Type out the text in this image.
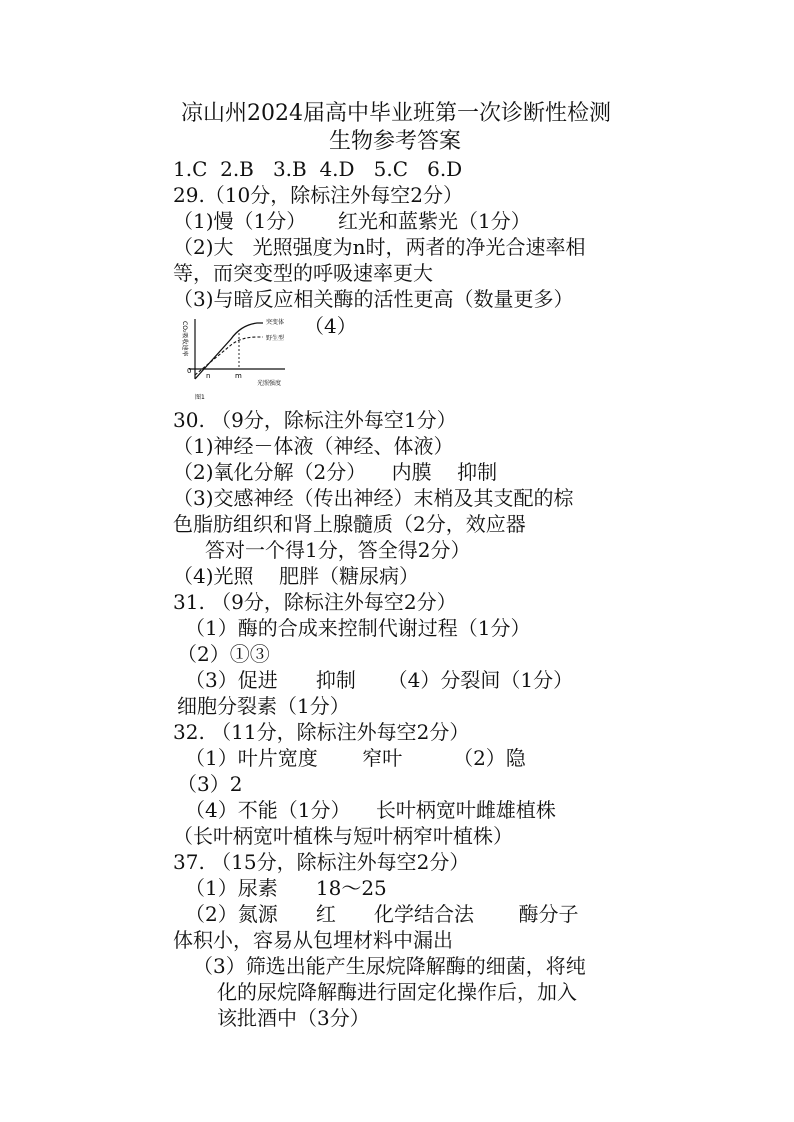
凉山州2024届高中毕业班第一次诊断性检测
生物参考答案
1.C  2.B   3.B  4.D   5.C   6.D
29.（10分，除标注外每空2分）
（1)慢（1分）     红光和蓝紫光（1分）
（2)大   光照强度为n时，两者的净光合速率相
等，而突变型的呼吸速率更大
（3)与暗反应相关酶的活性更高（数量更多）
CO₂吸收速率
0
n	m
光照强度
突变体
野生型
图1
（4）
30. （9分，除标注外每空1分）
（1)神经－体液（神经、体液）
（2)氧化分解（2分）    内膜    抑制
（3)交感神经（传出神经）末梢及其支配的棕
色脂肪组织和肾上腺髓质（2分，效应器
答对一个得1分，答全得2分）
（4)光照    肥胖（糖尿病）
31. （9分，除标注外每空2分）
（1）酶的合成来控制代谢过程（1分）
（2）①③
（3）促进      抑制     （4）分裂间（1分）
细胞分裂素（1分）
32. （11分，除标注外每空2分）
（1）叶片宽度       窄叶        （2）隐
（3）2
（4）不能（1分）    长叶柄宽叶雌雄植株
（长叶柄宽叶植株与短叶柄窄叶植株）
37. （15分，除标注外每空2分）
（1）尿素      18～25
（2）氮源      红      化学结合法       酶分子
体积小，容易从包埋材料中漏出
（3）筛选出能产生尿烷降解酶的细菌，将纯
化的尿烷降解酶进行固定化操作后，加入
该批酒中（3分）
